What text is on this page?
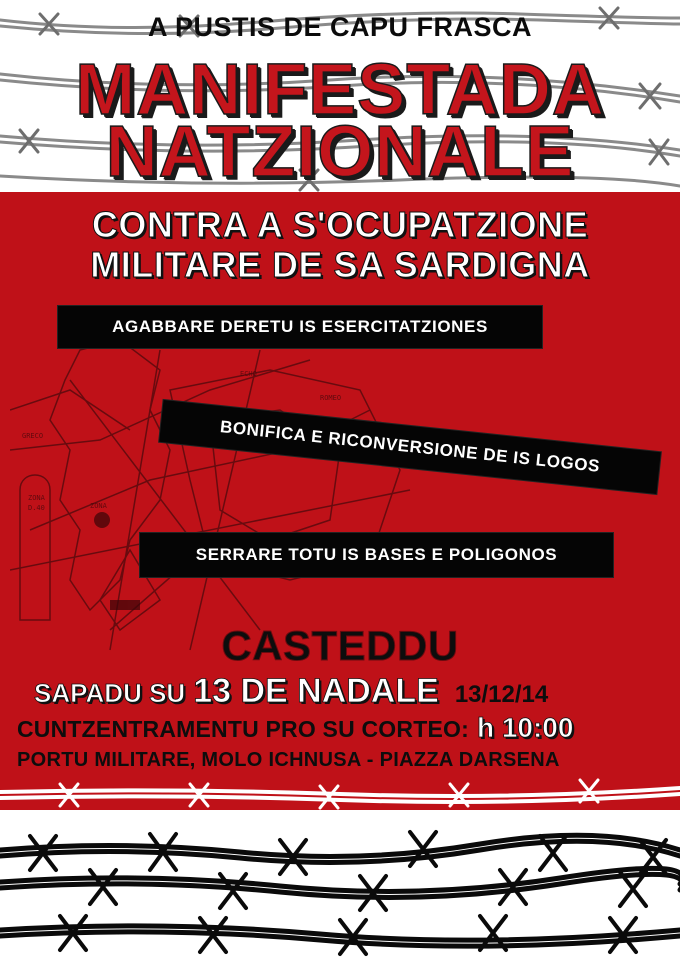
A PUSTIS DE CAPU FRASCA
MANIFESTADA
NATZIONALE
ZONA
D.40	ZONA
GRECO
ECHO
ROMEO
CONTRA A S'OCUPATZIONE
MILITARE DE SA SARDIGNA
AGABBARE DERETU IS ESERCITATZIONES
BONIFICA E RICONVERSIONE DE IS LOGOS
SERRARE TOTU IS BASES E POLIGONOS
CASTEDDU
SAPADU SU 13 DE NADALE 13/12/14
CUNTZENTRAMENTU PRO SU CORTEO: h 10:00
PORTU MILITARE, MOLO ICHNUSA - PIAZZA DARSENA
